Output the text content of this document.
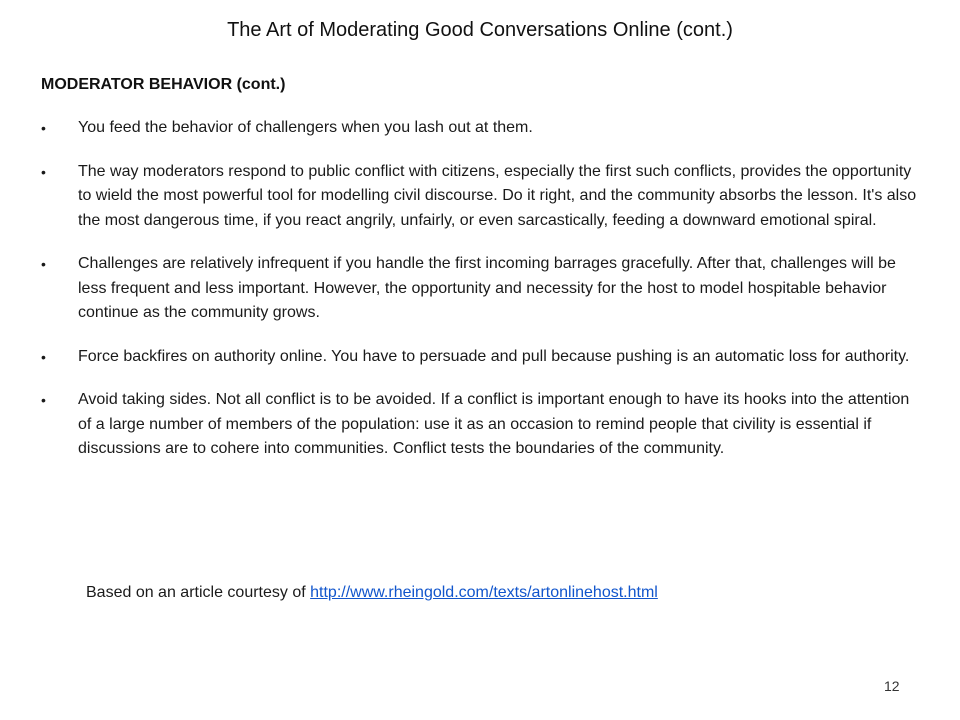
The Art of Moderating Good Conversations Online (cont.)
MODERATOR BEHAVIOR (cont.)
• You feed the behavior of challengers when you lash out at them.
• The way moderators respond to public conflict with citizens, especially the first such conflicts, provides the opportunity to wield the most powerful tool for modelling civil discourse. Do it right, and the community absorbs the lesson. It's also the most dangerous time, if you react angrily, unfairly, or even sarcastically, feeding a downward emotional spiral.
• Challenges are relatively infrequent if you handle the first incoming barrages gracefully. After that, challenges will be less frequent and less important. However, the opportunity and necessity for the host to model hospitable behavior continue as the community grows.
• Force backfires on authority online. You have to persuade and pull because pushing is an automatic loss for authority.
• Avoid taking sides. Not all conflict is to be avoided. If a conflict is important enough to have its hooks into the attention of a large number of members of the population: use it as an occasion to remind people that civility is essential if discussions are to cohere into communities. Conflict tests the boundaries of the community.
Based on an article courtesy of http://www.rheingold.com/texts/artonlinehost.html
12
